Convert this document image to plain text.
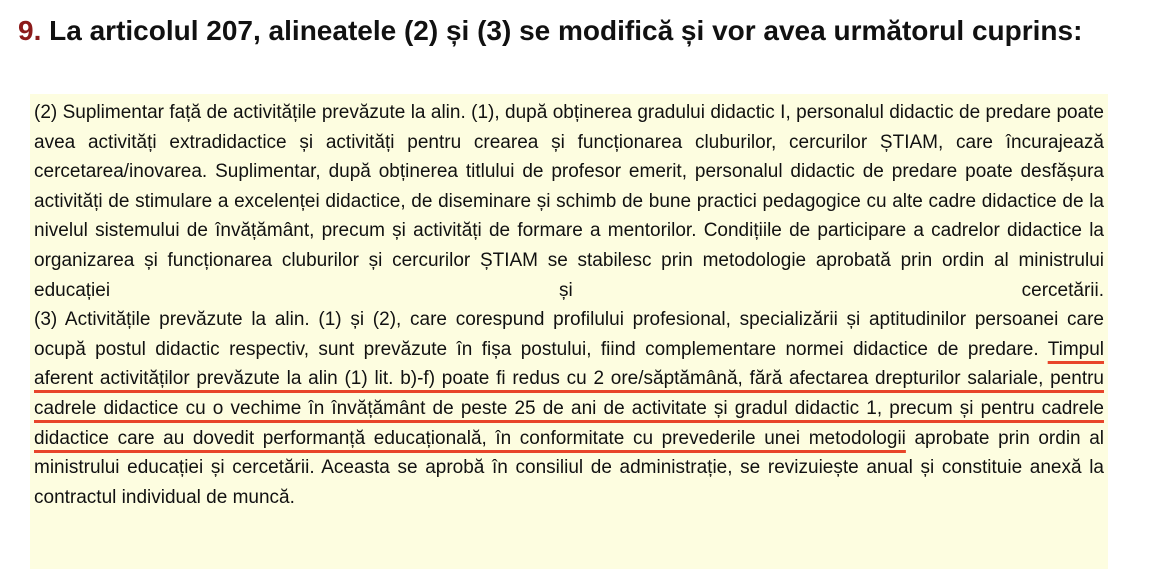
9. La articolul 207, alineatele (2) și (3) se modifică și vor avea următorul cuprins:

(2) Suplimentar față de activitățile prevăzute la alin. (1), după obținerea gradului didactic I, personalul didactic de predare poate avea activități extradidactice și activități pentru crearea și funcționarea cluburilor, cercurilor ȘTIAM, care încurajează cercetarea/inovarea. Suplimentar, după obținerea titlului de profesor emerit, personalul didactic de predare poate desfășura activități de stimulare a excelenței didactice, de diseminare și schimb de bune practici pedagogice cu alte cadre didactice de la nivelul sistemului de învățământ, precum și activități de formare a mentorilor. Condițiile de participare a cadrelor didactice la organizarea și funcționarea cluburilor și cercurilor ȘTIAM se stabilesc prin metodologie aprobată prin ordin al ministrului educației și cercetării.

(3) Activitățile prevăzute la alin. (1) și (2), care corespund profilului profesional, specializării și aptitudinilor persoanei care ocupă postul didactic respectiv, sunt prevăzute în fișa postului, fiind complementare normei didactice de predare. Timpul aferent activităților prevăzute la alin (1) lit. b)-f) poate fi redus cu 2 ore/săptămână, fără afectarea drepturilor salariale, pentru cadrele didactice cu o vechime în învățământ de peste 25 de ani de activitate și gradul didactic 1, precum și pentru cadrele didactice care au dovedit performanță educațională, în conformitate cu prevederile unei metodologii aprobate prin ordin al ministrului educației și cercetării. Aceasta se aprobă în consiliul de administrație, se revizuiește anual și constituie anexă la contractul individual de muncă.
